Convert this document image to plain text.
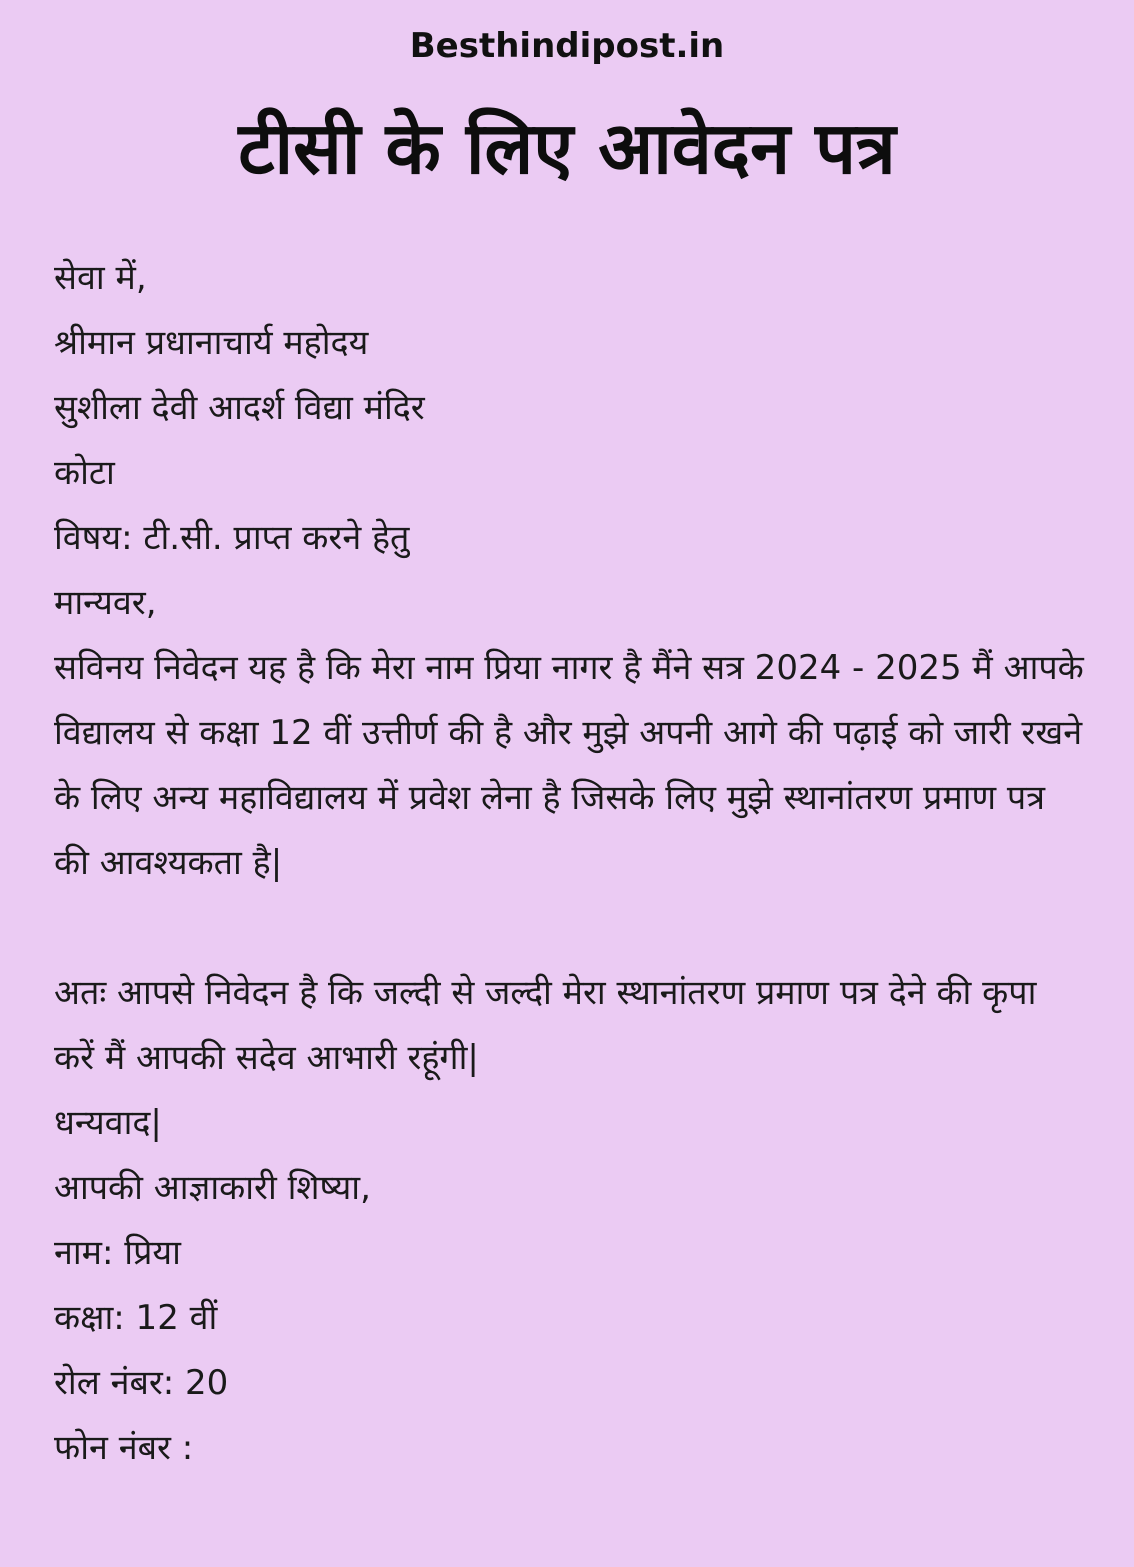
Besthindipost.in
टीसी के लिए आवेदन पत्र
सेवा में,
श्रीमान प्रधानाचार्य महोदय
सुशीला देवी आदर्श विद्या मंदिर
कोटा
विषय: टी.सी. प्राप्त करने हेतु
मान्यवर,
सविनय निवेदन यह है कि मेरा नाम प्रिया नागर है मैंने सत्र 2024 - 2025 मैं आपके विद्यालय से कक्षा 12 वीं उत्तीर्ण की है और मुझे अपनी आगे की पढ़ाई को जारी रखने के लिए अन्य महाविद्यालय में प्रवेश लेना है जिसके लिए मुझे स्थानांतरण प्रमाण पत्र की आवश्यकता है|
अतः आपसे निवेदन है कि जल्दी से जल्दी मेरा स्थानांतरण प्रमाण पत्र देने की कृपा करें मैं आपकी सदेव आभारी रहूंगी|
धन्यवाद|
आपकी आज्ञाकारी शिष्या,
नाम: प्रिया
कक्षा: 12 वीं
रोल नंबर: 20
फोन नंबर :
